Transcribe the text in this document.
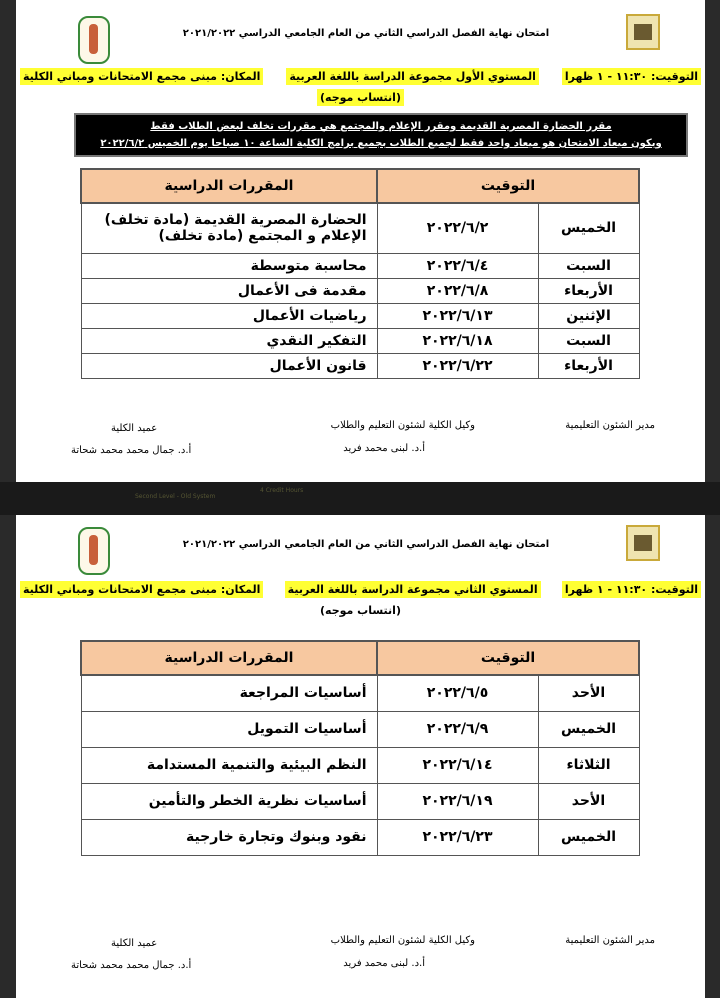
امتحان نهاية الفصل الدراسي الثاني من العام الجامعي الدراسي ٢٠٢١/٢٠٢٢
التوقيت: ١١:٣٠ - ١ ظهرا
المستوي الأول مجموعة الدراسة باللغة العربية
المكان: مبنى مجمع الامتحانات ومباني الكلية
(انتساب موجه)
مقرر الحضارة المصرية القديمة ومقرر الإعلام والمجتمع هي مقررات تخلف لبعض الطلاب فقط
ويكون ميعاد الامتحان هو ميعاد واحد فقط لجميع الطلاب بجميع برامج الكلية الساعة ١٠ صباحا يوم الخميس ٢٠٢٢/٦/٢
التوقيت		المقررات الدراسية
الخميس	٢٠٢٢/٦/٢	الحضارة المصرية القديمة (مادة تخلف)
الإعلام و المجتمع (مادة تخلف)

السبت	٢٠٢٢/٦/٤	محاسبة متوسطة

الأربعاء	٢٠٢٢/٦/٨	مقدمة فى الأعمال

الإثنين	٢٠٢٢/٦/١٣	رياضيات الأعمال

السبت	٢٠٢٢/٦/١٨	التفكير النقدي

الأربعاء	٢٠٢٢/٦/٢٢	قانون الأعمال
مدير الشئون التعليمية
وكيل الكلية لشئون التعليم والطلاب
أ.د. لبنى محمد فريد
عميد الكلية
أ.د. جمال محمد محمد شحاتة
Second Level - Old System
4 Credit Hours
امتحان نهاية الفصل الدراسي الثاني من العام الجامعي الدراسي ٢٠٢١/٢٠٢٢
التوقيت: ١١:٣٠ - ١ ظهرا
المستوي الثاني مجموعة الدراسة باللغة العربية
المكان: مبنى مجمع الامتحانات ومباني الكلية
(انتساب موجه)
التوقيت		المقررات الدراسية
الأحد	٢٠٢٢/٦/٥	أساسيات المراجعة

الخميس	٢٠٢٢/٦/٩	أساسيات التمويل

الثلاثاء	٢٠٢٢/٦/١٤	النظم البيئية والتنمية المستدامة

الأحد	٢٠٢٢/٦/١٩	أساسيات نظرية الخطر والتأمين

الخميس	٢٠٢٢/٦/٢٣	نقود وبنوك وتجارة خارجية
مدير الشئون التعليمية
وكيل الكلية لشئون التعليم والطلاب
أ.د. لبنى محمد فريد
عميد الكلية
أ.د. جمال محمد محمد شحاتة
